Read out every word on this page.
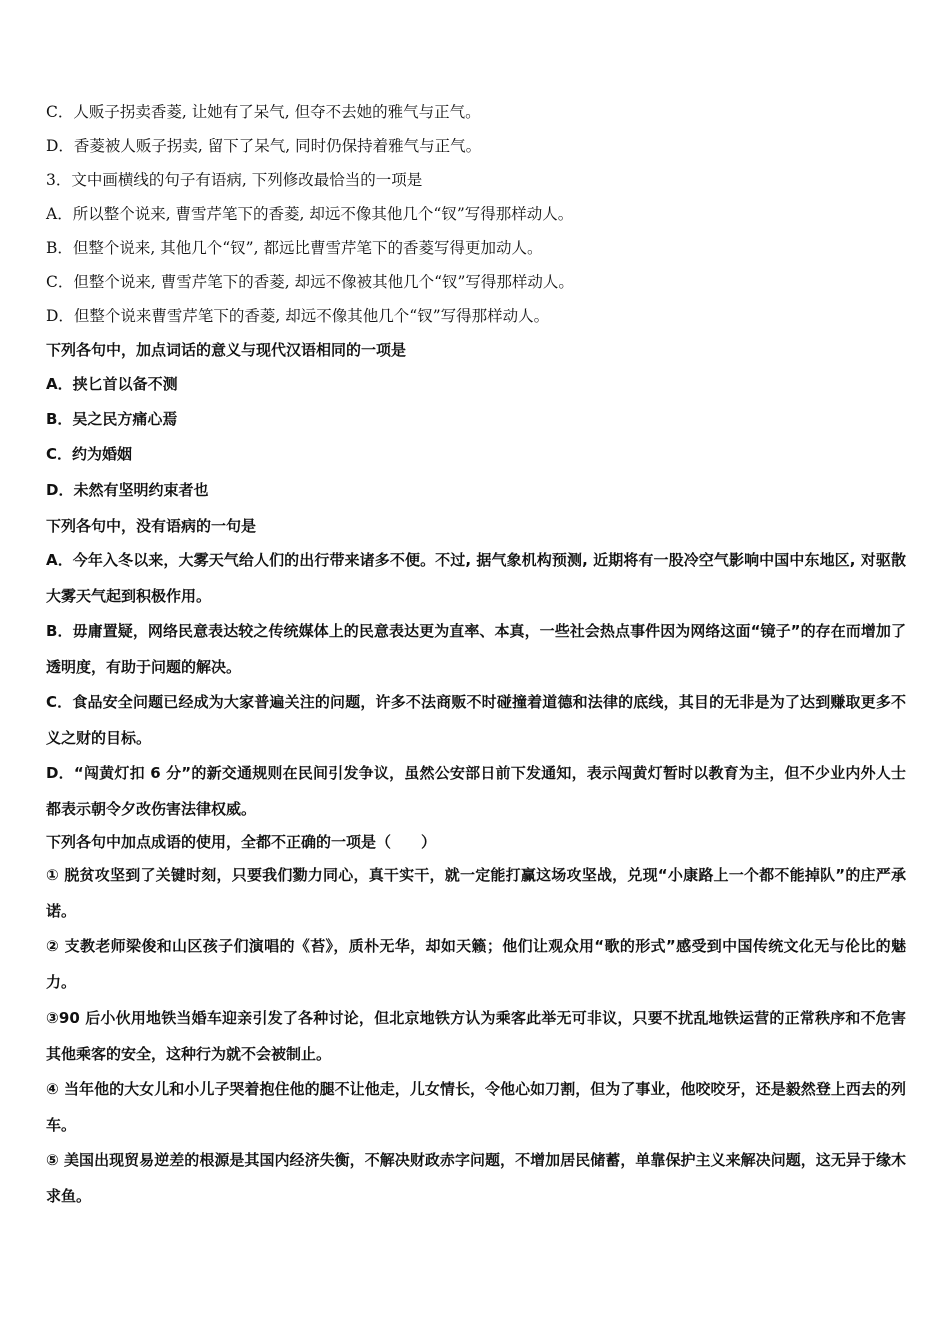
C．人贩子拐卖香菱, 让她有了呆气, 但夺不去她的雅气与正气。
D．香菱被人贩子拐卖, 留下了呆气, 同时仍保持着雅气与正气。
3．文中画横线的句子有语病, 下列修改最恰当的一项是
A．所以整个说来, 曹雪芹笔下的香菱, 却远不像其他几个“钗”写得那样动人。
B．但整个说来, 其他几个“钗”, 都远比曹雪芹笔下的香菱写得更加动人。
C．但整个说来, 曹雪芹笔下的香菱, 却远不像被其他几个“钗”写得那样动人。
D．但整个说来曹雪芹笔下的香菱, 却远不像其他几个“钗”写得那样动人。
下列各句中，加点词话的意义与现代汉语相同的一项是
A．挟匕首以备不测
B．吴之民方痛心焉
C．约为婚姻
D．未然有坚明约束者也
下列各句中，没有语病的一句是
A．今年入冬以来，大雾天气给人们的出行带来诸多不便。不过, 据气象机构预测, 近期将有一股冷空气影响中国中东地区, 对驱散大雾天气起到积极作用。
B．毋庸置疑，网络民意表达较之传统媒体上的民意表达更为直率、本真，一些社会热点事件因为网络这面“镜子”的存在而增加了透明度，有助于问题的解决。
C．食品安全问题已经成为大家普遍关注的问题，许多不法商贩不时碰撞着道德和法律的底线，其目的无非是为了达到赚取更多不义之财的目标。
D．“闯黄灯扣 6 分”的新交通规则在民间引发争议，虽然公安部日前下发通知，表示闯黄灯暂时以教育为主，但不少业内外人士都表示朝令夕改伤害法律权威。
下列各句中加点成语的使用，全都不正确的一项是（　　）
① 脱贫攻坚到了关键时刻，只要我们勠力同心，真干实干，就一定能打赢这场攻坚战，兑现“小康路上一个都不能掉队”的庄严承诺。
② 支教老师梁俊和山区孩子们演唱的《苔》，质朴无华，却如天籁；他们让观众用“歌的形式”感受到中国传统文化无与伦比的魅力。
③90 后小伙用地铁当婚车迎亲引发了各种讨论，但北京地铁方认为乘客此举无可非议，只要不扰乱地铁运营的正常秩序和不危害其他乘客的安全，这种行为就不会被制止。
④ 当年他的大女儿和小儿子哭着抱住他的腿不让他走，儿女情长，令他心如刀割，但为了事业，他咬咬牙，还是毅然登上西去的列车。
⑤ 美国出现贸易逆差的根源是其国内经济失衡，不解决财政赤字问题，不增加居民储蓄，单靠保护主义来解决问题，这无异于缘木求鱼。
